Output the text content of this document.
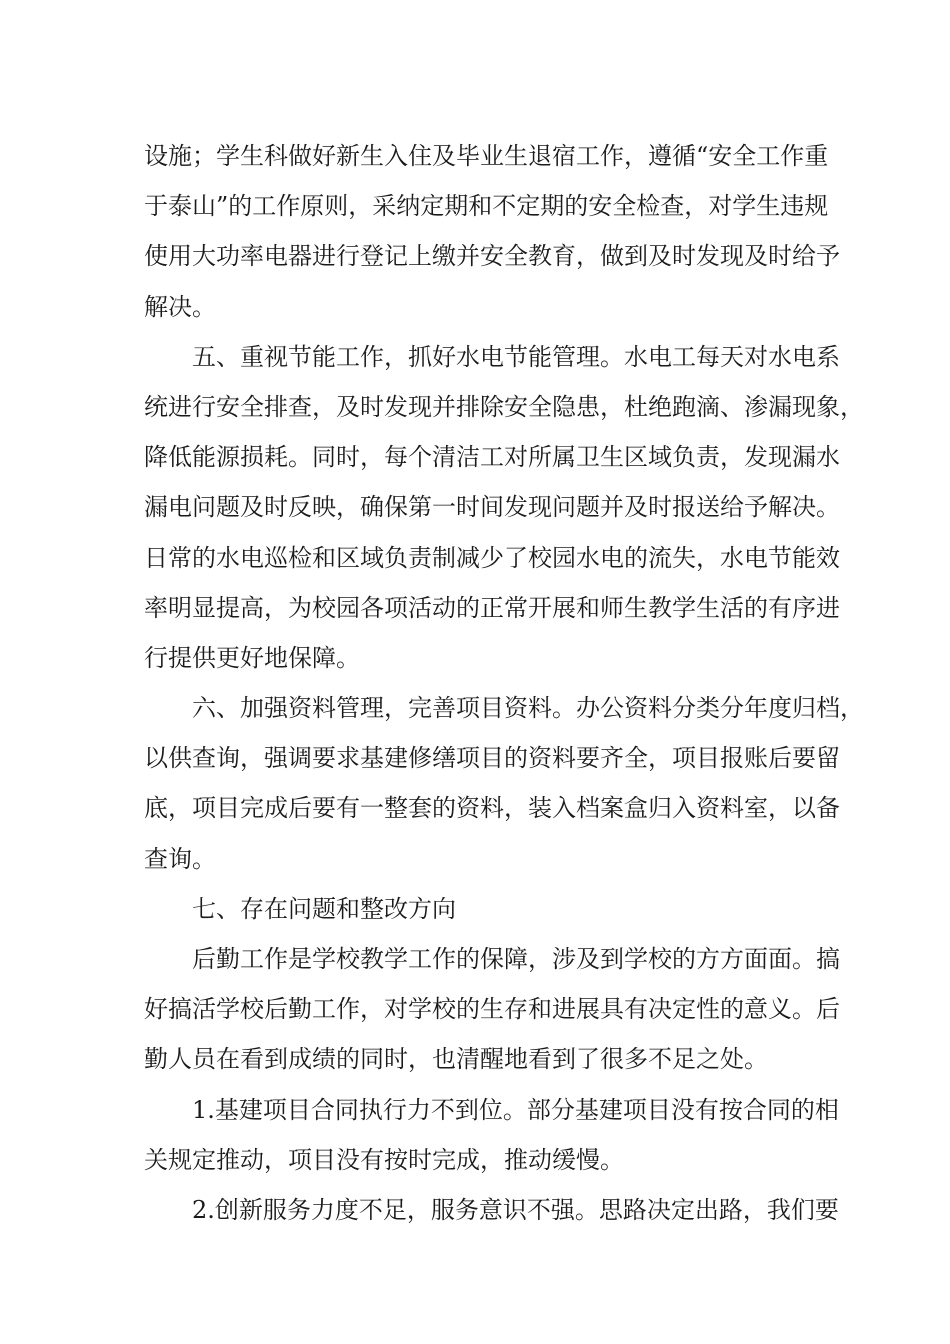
设施；学生科做好新生入住及毕业生退宿工作，遵循“安全工作重
于泰山”的工作原则，采纳定期和不定期的安全检查，对学生违规
使用大功率电器进行登记上缴并安全教育，做到及时发现及时给予
解决。
五、重视节能工作，抓好水电节能管理。水电工每天对水电系
统进行安全排查，及时发现并排除安全隐患，杜绝跑滴、渗漏现象，
降低能源损耗。同时，每个清洁工对所属卫生区域负责，发现漏水
漏电问题及时反映，确保第一时间发现问题并及时报送给予解决。
日常的水电巡检和区域负责制减少了校园水电的流失，水电节能效
率明显提高，为校园各项活动的正常开展和师生教学生活的有序进
行提供更好地保障。
六、加强资料管理，完善项目资料。办公资料分类分年度归档，
以供查询，强调要求基建修缮项目的资料要齐全，项目报账后要留
底，项目完成后要有一整套的资料，装入档案盒归入资料室，以备
查询。
七、存在问题和整改方向
后勤工作是学校教学工作的保障，涉及到学校的方方面面。搞
好搞活学校后勤工作，对学校的生存和进展具有决定性的意义。后
勤人员在看到成绩的同时，也清醒地看到了很多不足之处。
1.基建项目合同执行力不到位。部分基建项目没有按合同的相
关规定推动，项目没有按时完成，推动缓慢。
2.创新服务力度不足，服务意识不强。思路决定出路，我们要
